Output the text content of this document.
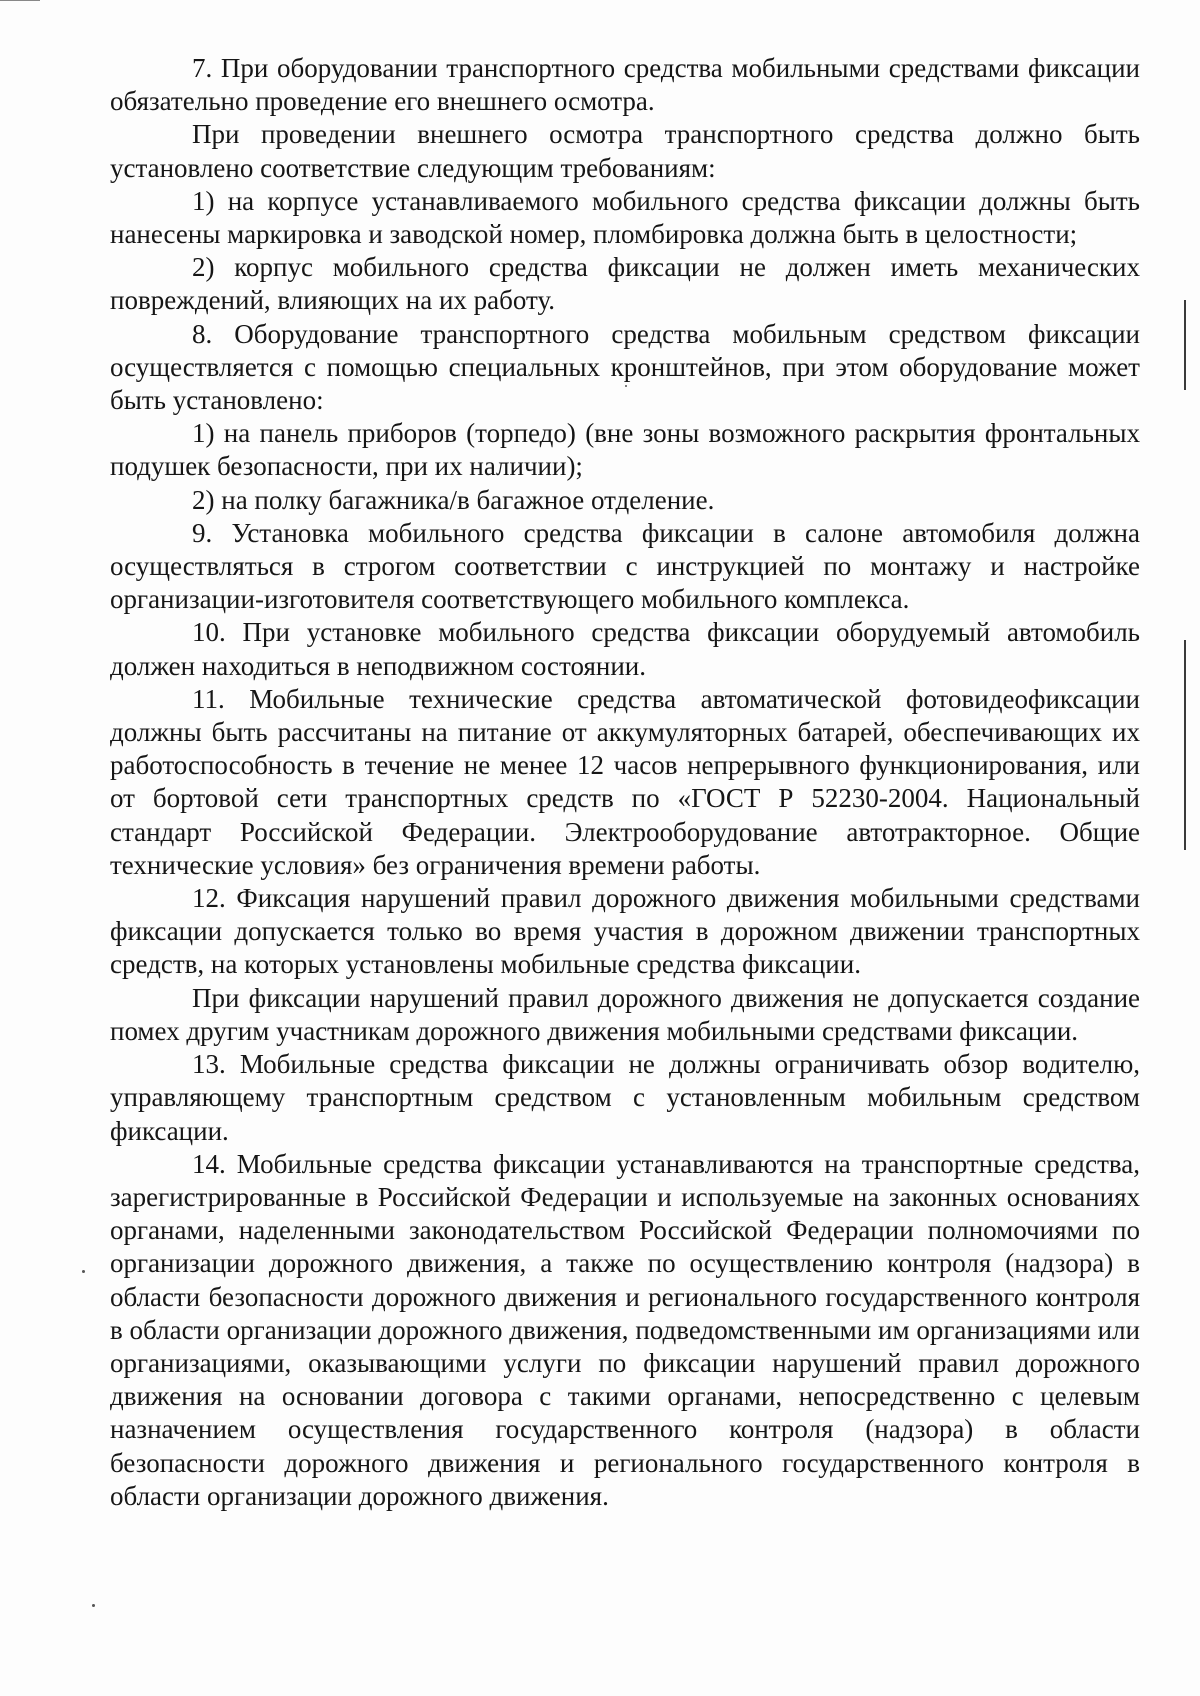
7. При оборудовании транспортного средства мобильными средствами фиксации обязательно проведение его внешнего осмотра.

При проведении внешнего осмотра транспортного средства должно быть установлено соответствие следующим требованиям:

1) на корпусе устанавливаемого мобильного средства фиксации должны быть нанесены маркировка и заводской номер, пломбировка должна быть в целостности;

2) корпус мобильного средства фиксации не должен иметь механических повреждений, влияющих на их работу.

8. Оборудование транспортного средства мобильным средством фиксации осуществляется с помощью специальных кронштейнов, при этом оборудование может быть установлено:

1) на панель приборов (торпедо) (вне зоны возможного раскрытия фронтальных подушек безопасности, при их наличии);

2) на полку багажника/в багажное отделение.

9. Установка мобильного средства фиксации в салоне автомобиля должна осуществляться в строгом соответствии с инструкцией по монтажу и настройке организации-изготовителя соответствующего мобильного комплекса.

10. При установке мобильного средства фиксации оборудуемый автомобиль должен находиться в неподвижном состоянии.

11. Мобильные технические средства автоматической фотовидеофиксации должны быть рассчитаны на питание от аккумуляторных батарей, обеспечивающих их работоспособность в течение не менее 12 часов непрерывного функционирования, или от бортовой сети транспортных средств по «ГОСТ Р 52230-2004. Национальный стандарт Российской Федерации. Электрооборудование автотракторное. Общие технические условия» без ограничения времени работы.

12. Фиксация нарушений правил дорожного движения мобильными средствами фиксации допускается только во время участия в дорожном движении транспортных средств, на которых установлены мобильные средства фиксации.

При фиксации нарушений правил дорожного движения не допускается создание помех другим участникам дорожного движения мобильными средствами фиксации.

13. Мобильные средства фиксации не должны ограничивать обзор водителю, управляющему транспортным средством с установленным мобильным средством фиксации.

14. Мобильные средства фиксации устанавливаются на транспортные средства, зарегистрированные в Российской Федерации и используемые на законных основаниях органами, наделенными законодательством Российской Федерации полномочиями по организации дорожного движения, а также по осуществлению контроля (надзора) в области безопасности дорожного движения и регионального государственного контроля в области организации дорожного движения, подведомственными им организациями или организациями, оказывающими услуги по фиксации нарушений правил дорожного движения на основании договора с такими органами, непосредственно с целевым назначением осуществления государственного контроля (надзора) в области безопасности дорожного движения и регионального государственного контроля в области организации дорожного движения.
